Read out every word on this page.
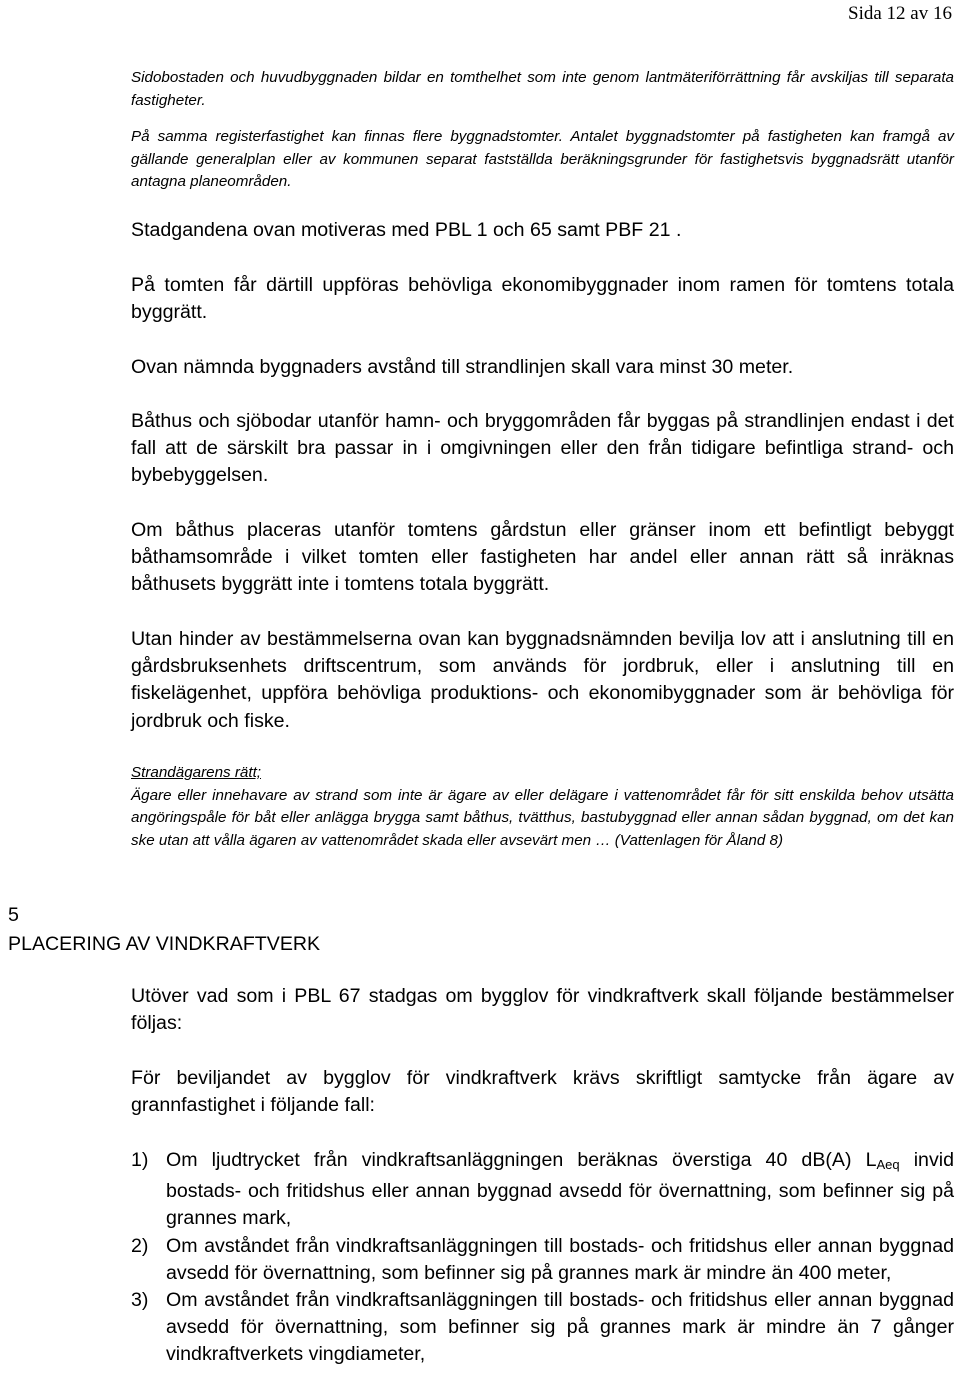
Sida 12 av 16
Sidobostaden och huvudbyggnaden bildar en tomthelhet som inte genom lantmäteriförrättning får avskiljas till separata fastigheter.
På samma registerfastighet kan finnas flere byggnadstomter. Antalet byggnadstomter på fastigheten kan framgå av gällande generalplan eller av kommunen separat fastställda beräkningsgrunder för fastighetsvis byggnadsrätt utanför antagna planeområden.
Stadgandena ovan motiveras med PBL 1 och 65 samt PBF 21 .
På tomten får därtill uppföras behövliga ekonomibyggnader inom ramen för tomtens totala byggrätt.
Ovan nämnda byggnaders avstånd till strandlinjen skall vara minst 30 meter.
Båthus och sjöbodar utanför hamn- och bryggområden får byggas på strandlinjen endast i det fall att de särskilt bra passar in i omgivningen eller den från tidigare befintliga strand- och bybebyggelsen.
Om båthus placeras utanför tomtens gårdstun eller gränser inom ett befintligt bebyggt båthamsområde i vilket tomten eller fastigheten har andel eller annan rätt så inräknas båthusets byggrätt inte i tomtens totala byggrätt.
Utan hinder av bestämmelserna ovan kan byggnadsnämnden bevilja lov att i anslutning till en gårdsbruksenhets driftscentrum, som används för jordbruk, eller i anslutning till en fiskelägenhet, uppföra behövliga produktions- och ekonomibyggnader som är behövliga för jordbruk och fiske.
Strandägarens rätt;
Ägare eller innehavare av strand som inte är ägare av eller delägare i vattenområdet får för sitt enskilda behov utsätta angöringspåle för båt eller anlägga brygga samt båthus, tvätthus, bastubyggnad eller annan sådan byggnad, om det kan ske utan att vålla ägaren av vattenområdet skada eller avsevärt men … (Vattenlagen för Åland 8)
5
PLACERING AV VINDKRAFTVERK
Utöver vad som i PBL 67 stadgas om bygglov för vindkraftverk skall följande bestämmelser följas:
För beviljandet av bygglov för vindkraftverk krävs skriftligt samtycke från ägare av grannfastighet i följande fall:
1) Om ljudtrycket från vindkraftsanläggningen beräknas överstiga 40 dB(A) $L_{Aeq}$ invid bostads- och fritidshus eller annan byggnad avsedd för övernattning, som befinner sig på grannes mark,
2) Om avståndet från vindkraftsanläggningen till bostads- och fritidshus eller annan byggnad avsedd för övernattning, som befinner sig på grannes mark är mindre än 400 meter,
3) Om avståndet från vindkraftsanläggningen till bostads- och fritidshus eller annan byggnad avsedd för övernattning, som befinner sig på grannes mark är mindre än 7 gånger vindkraftverkets vingdiameter,
